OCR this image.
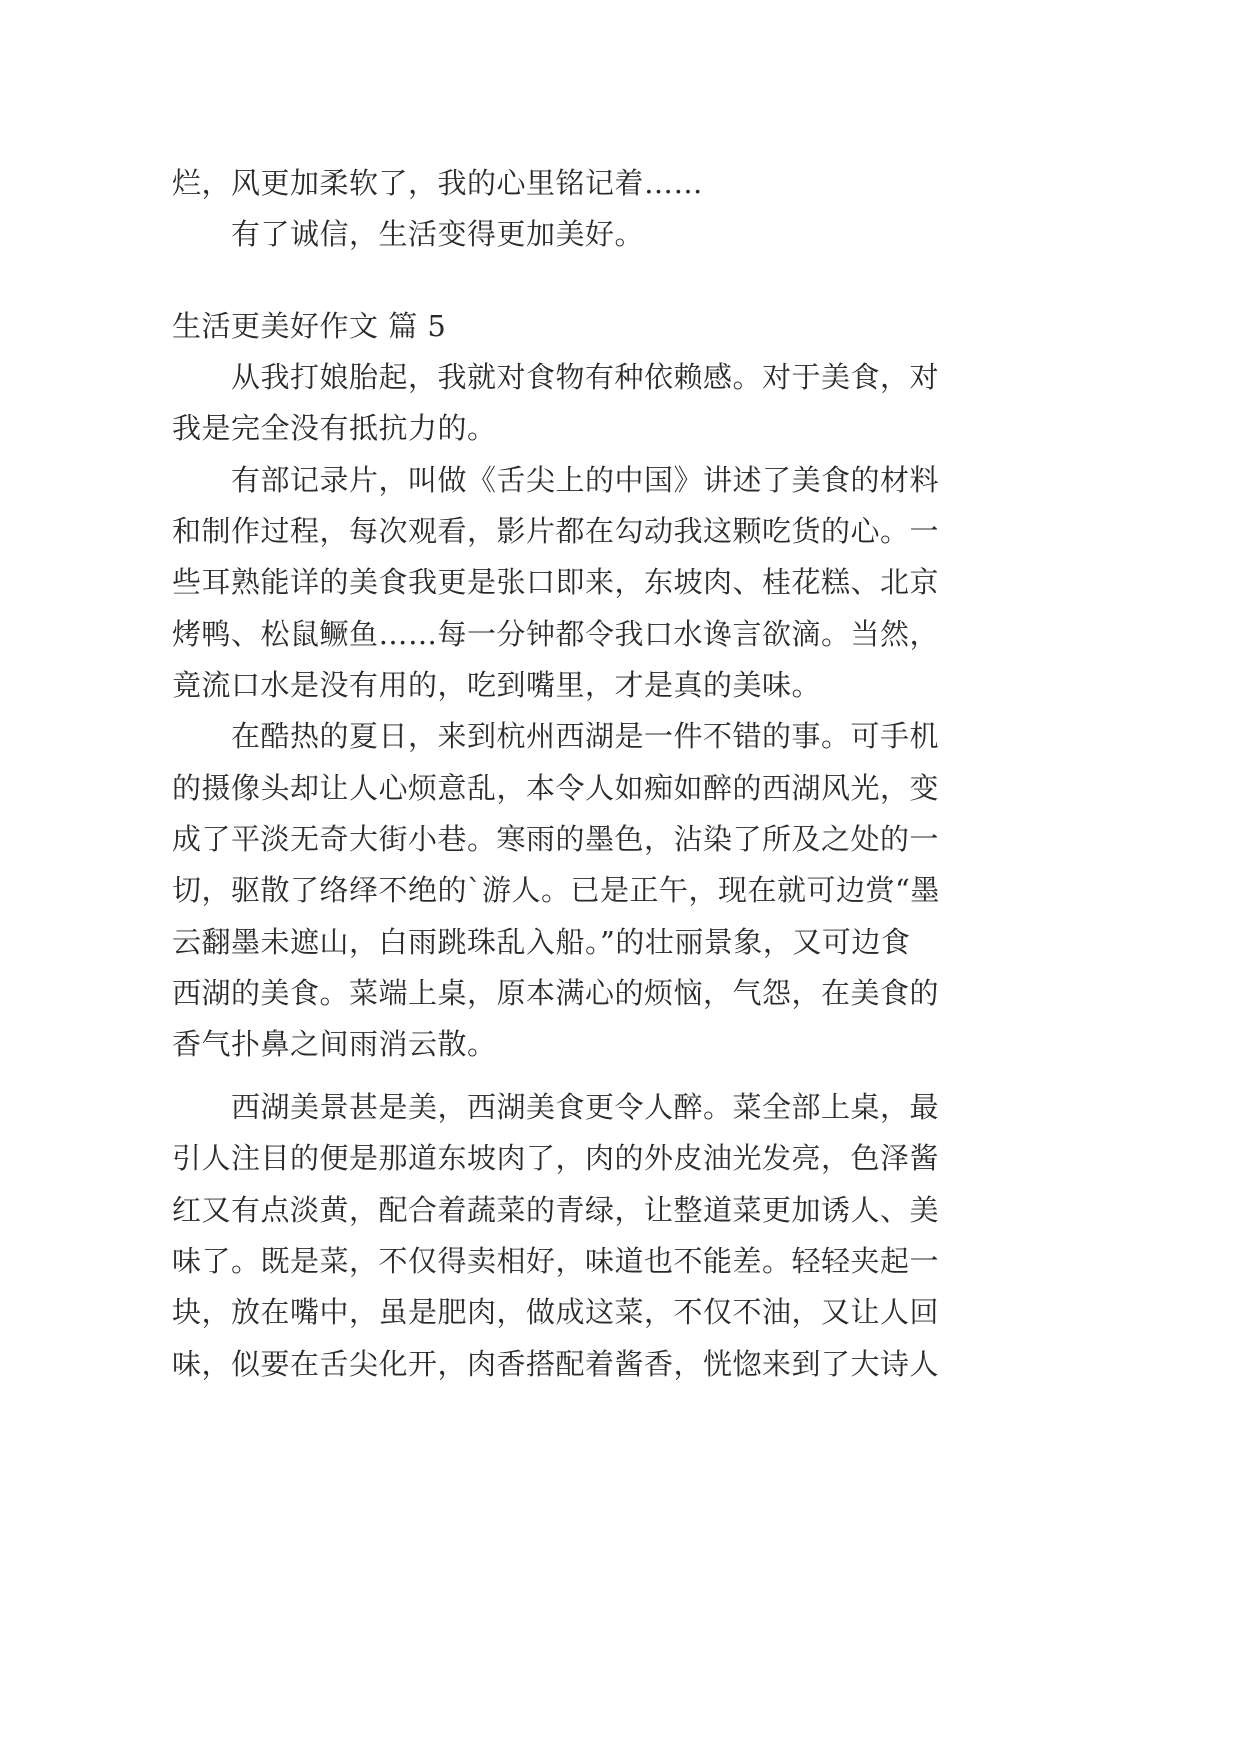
烂，风更加柔软了，我的心里铭记着……
有了诚信，生活变得更加美好。
生活更美好作文 篇 5
从我打娘胎起，我就对食物有种依赖感。对于美食，对
我是完全没有抵抗力的。
有部记录片，叫做《舌尖上的中国》讲述了美食的材料
和制作过程，每次观看，影片都在勾动我这颗吃货的心。一
些耳熟能详的美食我更是张口即来，东坡肉、桂花糕、北京
烤鸭、松鼠鳜鱼……每一分钟都令我口水谗言欲滴。当然，
竟流口水是没有用的，吃到嘴里，才是真的美味。
在酷热的夏日，来到杭州西湖是一件不错的事。可手机
的摄像头却让人心烦意乱，本令人如痴如醉的西湖风光，变
成了平淡无奇大街小巷。寒雨的墨色，沾染了所及之处的一
切，驱散了络绎不绝的`游人。已是正午，现在就可边赏“墨
云翻墨未遮山，白雨跳珠乱入船。”的壮丽景象，又可边食
西湖的美食。菜端上桌，原本满心的烦恼，气怨，在美食的
香气扑鼻之间雨消云散。
西湖美景甚是美，西湖美食更令人醉。菜全部上桌，最
引人注目的便是那道东坡肉了，肉的外皮油光发亮，色泽酱
红又有点淡黄，配合着蔬菜的青绿，让整道菜更加诱人、美
味了。既是菜，不仅得卖相好，味道也不能差。轻轻夹起一
块，放在嘴中，虽是肥肉，做成这菜，不仅不油，又让人回
味，似要在舌尖化开，肉香搭配着酱香，恍惚来到了大诗人
